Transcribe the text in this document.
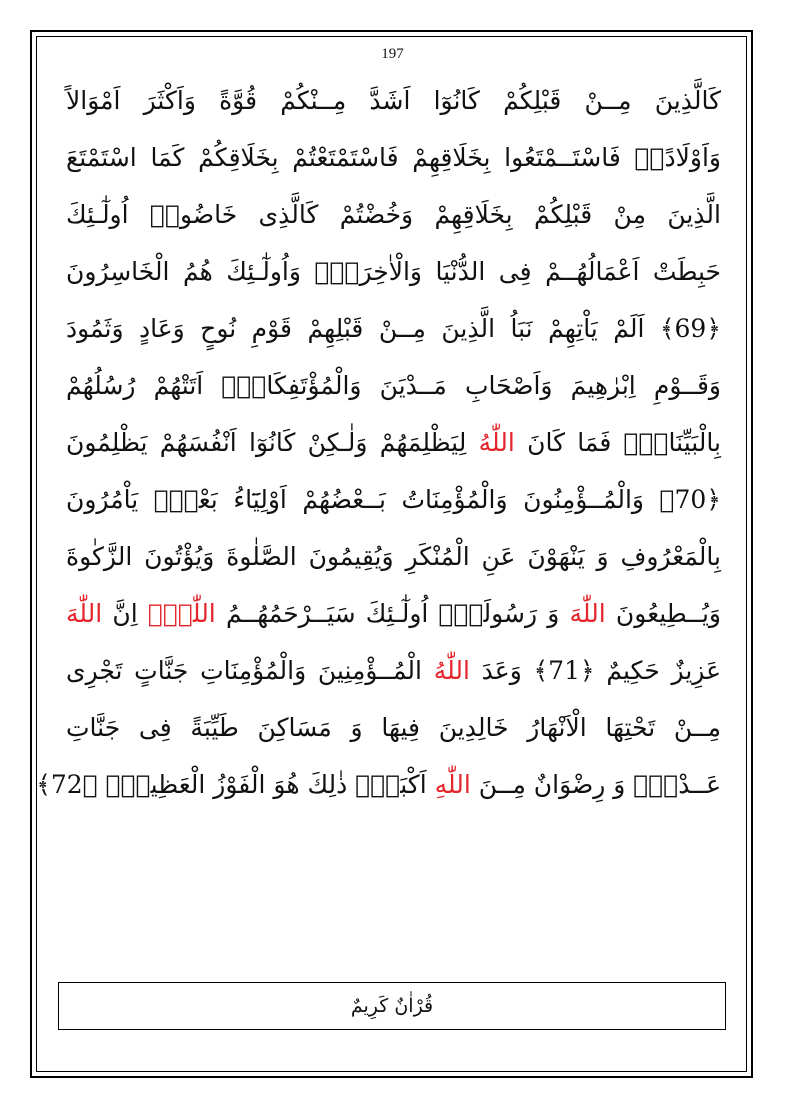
197
كَالَّذِينَ مِــنْ قَبْلِكُمْ كَانُوٓا اَشَدَّ مِــنْكُمْ قُوَّةً وَاَكْثَرَ اَمْوَالاً
وَاَوْلَادًاۜ فَاسْتَــمْتَعُوا بِخَلَاقِهِمْ فَاسْتَمْتَعْتُمْ بِخَلَاقِكُمْ كَمَا اسْتَمْتَعَ
الَّذِينَ مِنْ قَبْلِكُمْ بِخَلَاقِهِمْ وَخُضْتُمْ كَالَّذِى خَاضُواۜ اُولٰٓـئِكَ
حَبِطَتْ اَعْمَالُهُــمْ فِى الدُّنْيَا وَالْاٰخِرَةِۚ وَاُولٰٓـئِكَ هُمُ الْخَاسِرُونَ
﴿69﴾ اَلَمْ يَاْتِهِمْ نَبَاُ الَّذِينَ مِــنْ قَبْلِهِمْ قَوْمِ نُوحٍ وَعَادٍ وَثَمُودَ
وَقَــوْمِ اِبْرٰهِيمَ وَاَصْحَابِ مَــدْيَنَ وَالْمُؤْتَفِكَاتِۜ اَتَتْهُمْ رُسُلُهُمْ
بِالْبَيِّنَاتِۚ فَمَا كَانَ اللّٰهُ لِيَظْلِمَهُمْ وَلٰـكِنْ كَانُوٓا اَنْفُسَهُمْ يَظْلِمُونَ
﴿70﴾ وَالْمُــؤْمِنُونَ وَالْمُؤْمِنَاتُ بَــعْضُهُمْ اَوْلِيَٓاءُ بَعْضٍۢ يَاْمُرُونَ
بِالْمَعْرُوفِ وَ يَنْهَوْنَ عَنِ الْمُنْكَرِ وَيُقِيمُونَ الصَّلٰوةَ وَيُؤْتُونَ الزَّكٰوةَ
وَيُــطِيعُونَ اللّٰهَ وَ رَسُولَهُۜ اُولٰٓـئِكَ سَيَــرْحَمُهُــمُ اللّٰهُۜ اِنَّ اللّٰهَ
عَزِيزٌ حَكِيمٌ ﴿71﴾ وَعَدَ اللّٰهُ الْمُــؤْمِنِينَ وَالْمُؤْمِنَاتِ جَنَّاتٍ تَجْرِى
مِــنْ تَحْتِهَا الْاَنْهَارُ خَالِدِينَ فِيهَا وَ مَسَاكِنَ طَيِّبَةً فِى جَنَّاتِ
عَــدْنٍۜ وَ رِضْوَانٌ مِــنَ اللّٰهِ اَكْبَرُۜ ذٰلِكَ هُوَ الْفَوْزُ الْعَظِيمُۧ ﴿72﴾
قُرْاٰنٌ كَرِيمٌ
